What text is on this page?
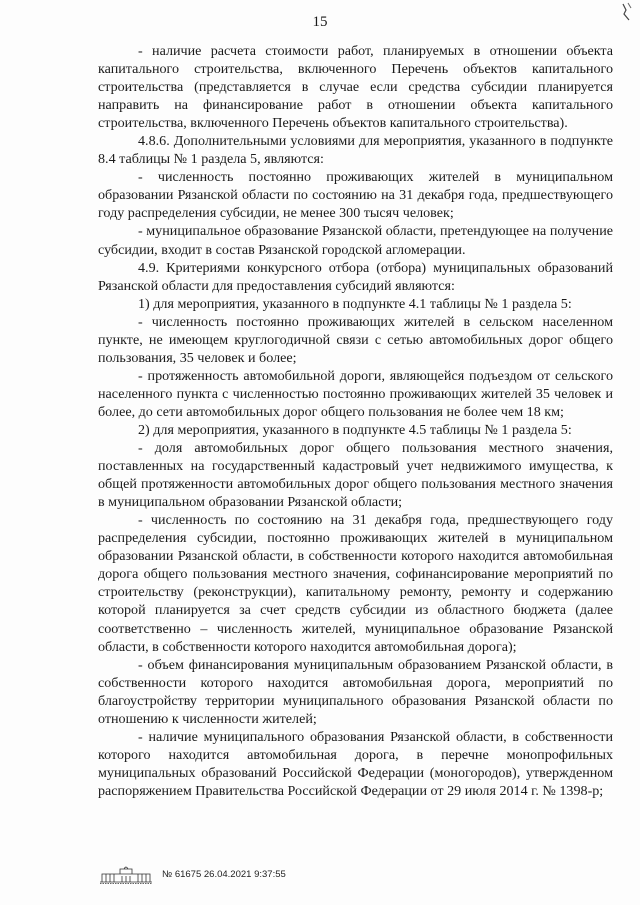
15

- наличие расчета стоимости работ, планируемых в отношении объекта капитального строительства, включенного Перечень объектов капитального строительства (представляется в случае если средства субсидии планируется направить на финансирование работ в отношении объекта капитального строительства, включенного Перечень объектов капитального строительства).

4.8.6. Дополнительными условиями для мероприятия, указанного в подпункте 8.4 таблицы № 1 раздела 5, являются:

- численность постоянно проживающих жителей в муниципальном образовании Рязанской области по состоянию на 31 декабря года, предшествующего году распределения субсидии, не менее 300 тысяч человек;

- муниципальное образование Рязанской области, претендующее на получение субсидии, входит в состав Рязанской городской агломерации.

4.9. Критериями конкурсного отбора (отбора) муниципальных образований Рязанской области для предоставления субсидий являются:

1) для мероприятия, указанного в подпункте 4.1 таблицы № 1 раздела 5:

- численность постоянно проживающих жителей в сельском населенном пункте, не имеющем круглогодичной связи с сетью автомобильных дорог общего пользования, 35 человек и более;

- протяженность автомобильной дороги, являющейся подъездом от сельского населенного пункта с численностью постоянно проживающих жителей 35 человек и более, до сети автомобильных дорог общего пользования не более чем 18 км;

2) для мероприятия, указанного в подпункте 4.5 таблицы № 1 раздела 5:

- доля автомобильных дорог общего пользования местного значения, поставленных на государственный кадастровый учет недвижимого имущества, к общей протяженности автомобильных дорог общего пользования местного значения в муниципальном образовании Рязанской области;

- численность по состоянию на 31 декабря года, предшествующего году распределения субсидии, постоянно проживающих жителей в муниципальном образовании Рязанской области, в собственности которого находится автомобильная дорога общего пользования местного значения, софинансирование мероприятий по строительству (реконструкции), капитальному ремонту, ремонту и содержанию которой планируется за счет средств субсидии из областного бюджета (далее соответственно – численность жителей, муниципальное образование Рязанской области, в собственности которого находится автомобильная дорога);

- объем финансирования муниципальным образованием Рязанской области, в собственности которого находится автомобильная дорога, мероприятий по благоустройству территории муниципального образования Рязанской области по отношению к численности жителей;

- наличие муниципального образования Рязанской области, в собственности которого находится автомобильная дорога, в перечне монопрофильных муниципальных образований Российской Федерации (моногородов), утвержденном распоряжением Правительства Российской Федерации от 29 июля 2014 г. № 1398-р;

№ 61675 26.04.2021 9:37:55
